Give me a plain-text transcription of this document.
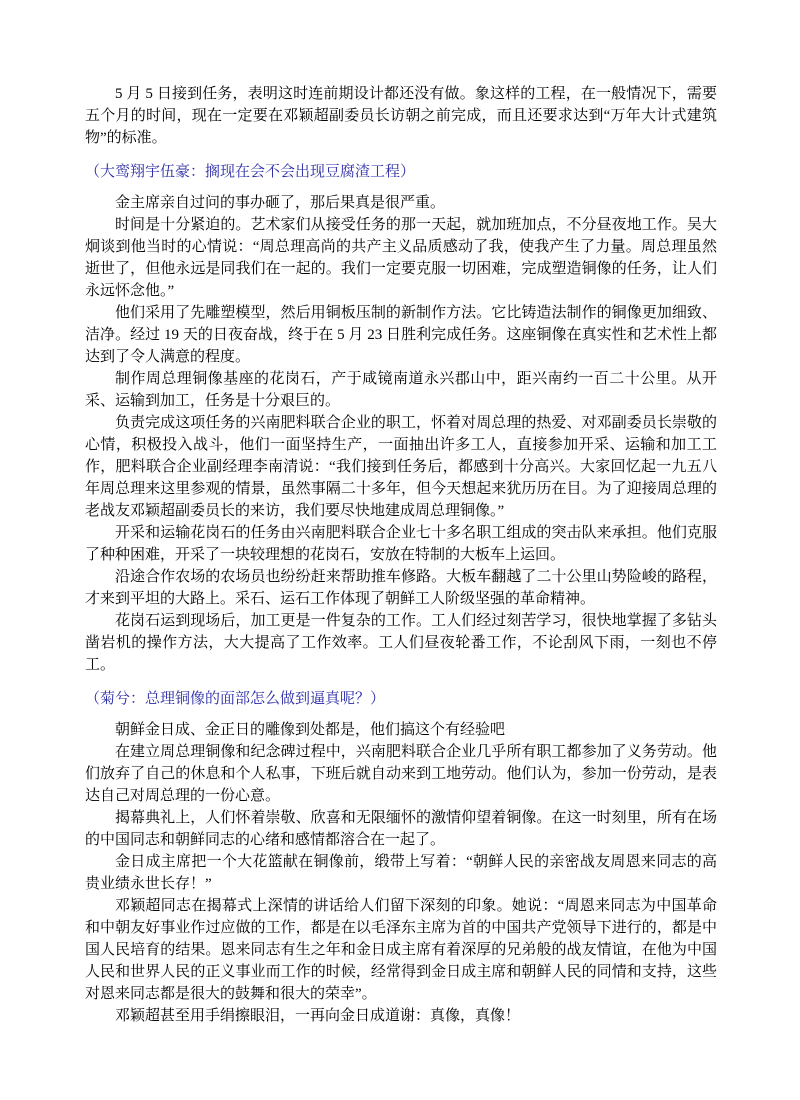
5 月 5 日接到任务，表明这时连前期设计都还没有做。象这样的工程，在一般情况下，需要五个月的时间，现在一定要在邓颖超副委员长访朝之前完成，而且还要求达到“万年大计式建筑物”的标准。

（大鸾翔宇伍豪：搁现在会不会出现豆腐渣工程）

金主席亲自过问的事办砸了，那后果真是很严重。

时间是十分紧迫的。艺术家们从接受任务的那一天起，就加班加点，不分昼夜地工作。吴大炯谈到他当时的心情说：“周总理高尚的共产主义品质感动了我，使我产生了力量。周总理虽然逝世了，但他永远是同我们在一起的。我们一定要克服一切困难，完成塑造铜像的任务，让人们永远怀念他。”

他们采用了先雕塑模型，然后用铜板压制的新制作方法。它比铸造法制作的铜像更加细致、洁净。经过 19 天的日夜奋战，终于在 5 月 23 日胜利完成任务。这座铜像在真实性和艺术性上都达到了令人满意的程度。

制作周总理铜像基座的花岗石，产于咸镜南道永兴郡山中，距兴南约一百二十公里。从开采、运输到加工，任务是十分艰巨的。

负责完成这项任务的兴南肥料联合企业的职工，怀着对周总理的热爱、对邓副委员长崇敬的心情，积极投入战斗，他们一面坚持生产，一面抽出许多工人，直接参加开采、运输和加工工作，肥料联合企业副经理李南清说：“我们接到任务后，都感到十分高兴。大家回忆起一九五八年周总理来这里参观的情景，虽然事隔二十多年，但今天想起来犹历历在目。为了迎接周总理的老战友邓颖超副委员长的来访，我们要尽快地建成周总理铜像。”

开采和运输花岗石的任务由兴南肥料联合企业七十多名职工组成的突击队来承担。他们克服了种种困难，开采了一块较理想的花岗石，安放在特制的大板车上运回。

沿途合作农场的农场员也纷纷赶来帮助推车修路。大板车翻越了二十公里山势险峻的路程，才来到平坦的大路上。采石、运石工作体现了朝鲜工人阶级坚强的革命精神。

花岗石运到现场后，加工更是一件复杂的工作。工人们经过刻苦学习，很快地掌握了多钻头凿岩机的操作方法，大大提高了工作效率。工人们昼夜轮番工作，不论刮风下雨，一刻也不停工。

（菊兮：总理铜像的面部怎么做到逼真呢？）

朝鲜金日成、金正日的雕像到处都是，他们搞这个有经验吧

在建立周总理铜像和纪念碑过程中，兴南肥料联合企业几乎所有职工都参加了义务劳动。他们放弃了自己的休息和个人私事，下班后就自动来到工地劳动。他们认为，参加一份劳动，是表达自己对周总理的一份心意。

揭幕典礼上，人们怀着崇敬、欣喜和无限缅怀的激情仰望着铜像。在这一时刻里，所有在场的中国同志和朝鲜同志的心绪和感情都溶合在一起了。

金日成主席把一个大花篮献在铜像前，缎带上写着：“朝鲜人民的亲密战友周恩来同志的高贵业绩永世长存！”

邓颖超同志在揭幕式上深情的讲话给人们留下深刻的印象。她说：“周恩来同志为中国革命和中朝友好事业作过应做的工作，都是在以毛泽东主席为首的中国共产党领导下进行的，都是中国人民培育的结果。恩来同志有生之年和金日成主席有着深厚的兄弟般的战友情谊，在他为中国人民和世界人民的正义事业而工作的时候，经常得到金日成主席和朝鲜人民的同情和支持，这些对恩来同志都是很大的鼓舞和很大的荣幸”。

邓颖超甚至用手绢擦眼泪，一再向金日成道谢：真像，真像！
